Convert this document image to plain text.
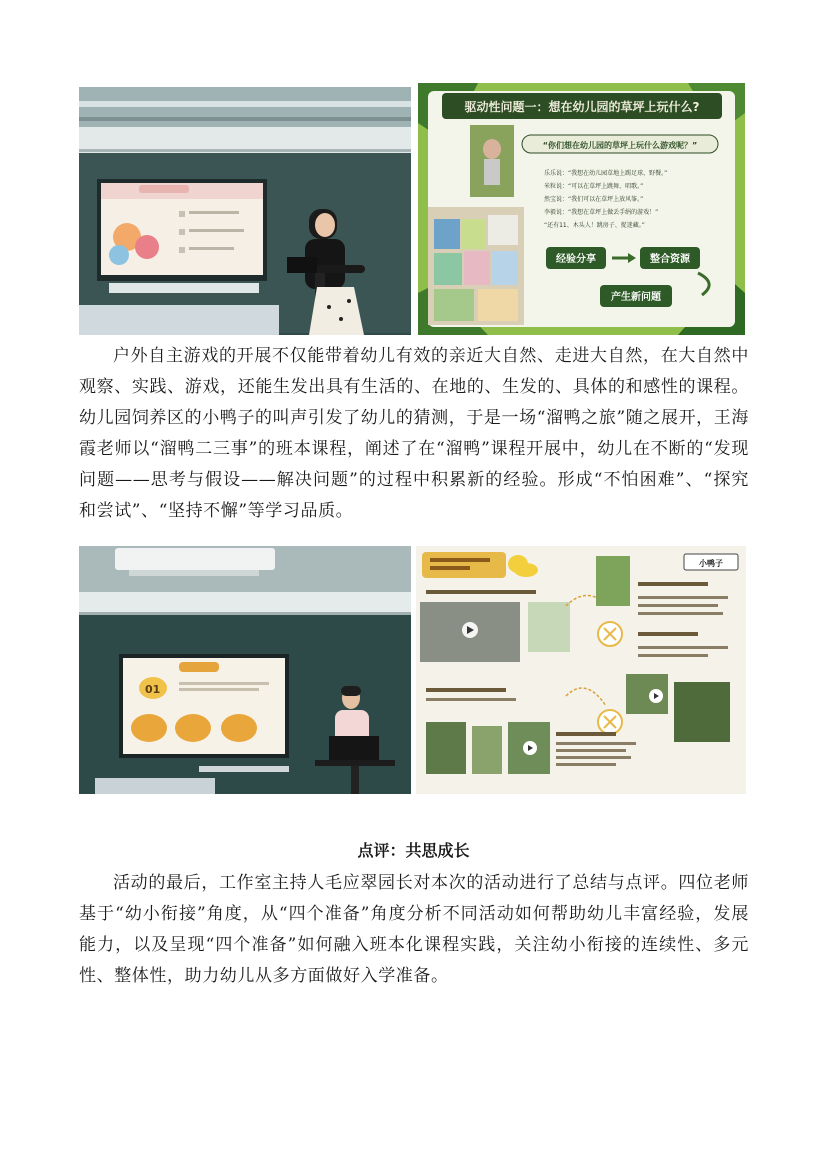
驱动性问题一：想在幼儿园的草坪上玩什么?
“你们想在幼儿园的草坪上玩什么游戏呢？”
乐乐说：“我想在幼儿园草地上踢足球，野餐。”
米粒说：“可以在草坪上跳舞、唱歌。”
然宝说：“我们可以在草坪上放风筝。”
李毅说：“我想在草坪上做丢手绢的游戏！”
“还有11、木头人！跳房子、捉迷藏。”
经验分享	整合资源
产生新问题

户外自主游戏的开展不仅能带着幼儿有效的亲近大自然、走进大自然，在大自然中观察、实践、游戏，还能生发出具有生活的、在地的、生发的、具体的和感性的课程。幼儿园饲养区的小鸭子的叫声引发了幼儿的猜测，于是一场“溜鸭之旅”随之展开，王海霞老师以“溜鸭二三事”的班本课程，阐述了在“溜鸭”课程开展中，幼儿在不断的“发现问题——思考与假设——解决问题”的过程中积累新的经验。形成“不怕困难”、“探究和尝试”、“坚持不懈”等学习品质。

01
小鸭子

点评：共思成长

活动的最后，工作室主持人毛应翠园长对本次的活动进行了总结与点评。四位老师基于“幼小衔接”角度，从“四个准备”角度分析不同活动如何帮助幼儿丰富经验，发展能力，以及呈现“四个准备”如何融入班本化课程实践，关注幼小衔接的连续性、多元性、整体性，助力幼儿从多方面做好入学准备。
